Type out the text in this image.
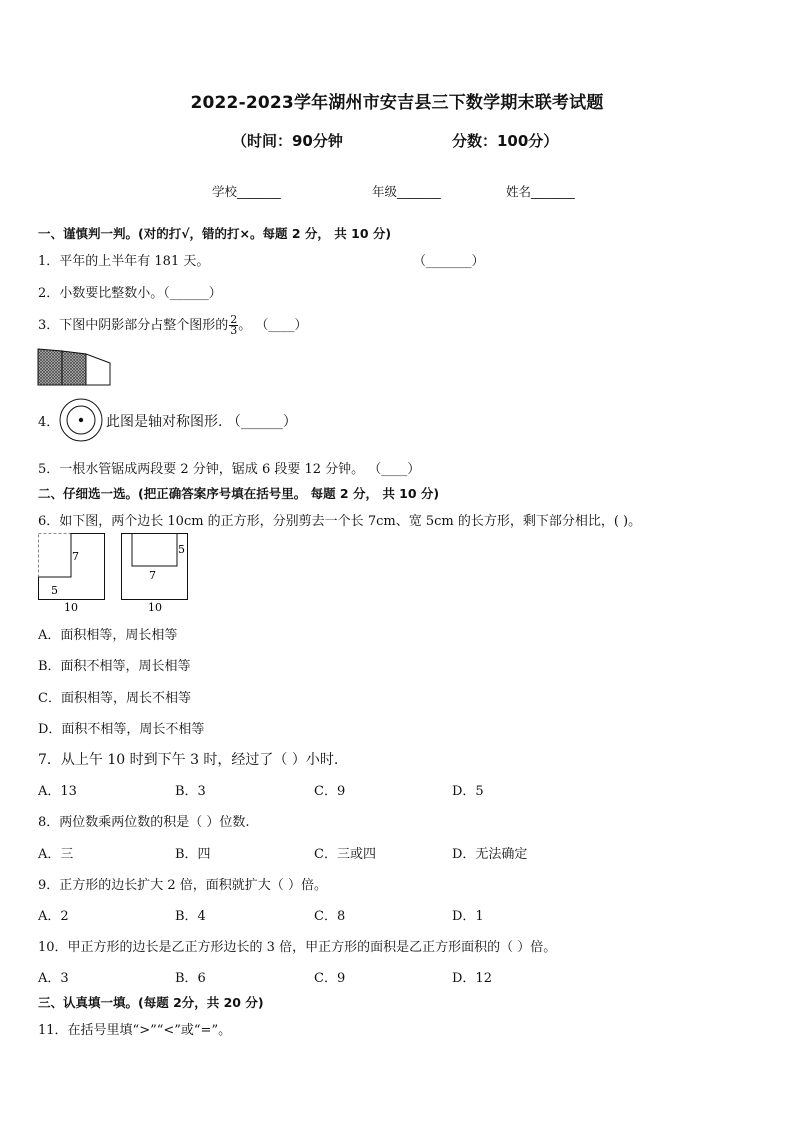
2022-2023学年湖州市安吉县三下数学期末联考试题
（时间：90分钟	分数：100分）
学校_______	年级_______	姓名_______
一、谨慎判一判。(对的打√，错的打×。每题 2 分， 共 10 分)
1．平年的上半年有 181 天。	（_______）
2．小数要比整数小。（______）
3．下图中阴影部分占整个图形的 $\frac{2}{3}$ 。 （____）
4．	此图是轴对称图形. （______）
5．一根水管锯成两段要 2 分钟，锯成 6 段要 12 分钟。 （____）
二、仔细选一选。(把正确答案序号填在括号里。 每题 2 分， 共 10 分)
6．如下图，两个边长 10cm 的正方形，分别剪去一个长 7cm、宽 5cm 的长方形，剩下部分相比，( )。
7
5
10
5
7
10
A．面积相等，周长相等
B．面积不相等，周长相等
C．面积相等，周长不相等
D．面积不相等，周长不相等
7．从上午 10 时到下午 3 时，经过了（ ）小时.
A．13	B．3	C．9	D．5
8．两位数乘两位数的积是（ ）位数.
A．三	B．四	C．三或四	D．无法确定
9．正方形的边长扩大 2 倍，面积就扩大（ ）倍。
A．2	B．4	C．8	D．1
10．甲正方形的边长是乙正方形边长的 3 倍，甲正方形的面积是乙正方形面积的（ ）倍。
A．3	B．6	C．9	D．12
三、认真填一填。(每题 2分，共 20 分)
11．在括号里填“>”“<”或“=”。
